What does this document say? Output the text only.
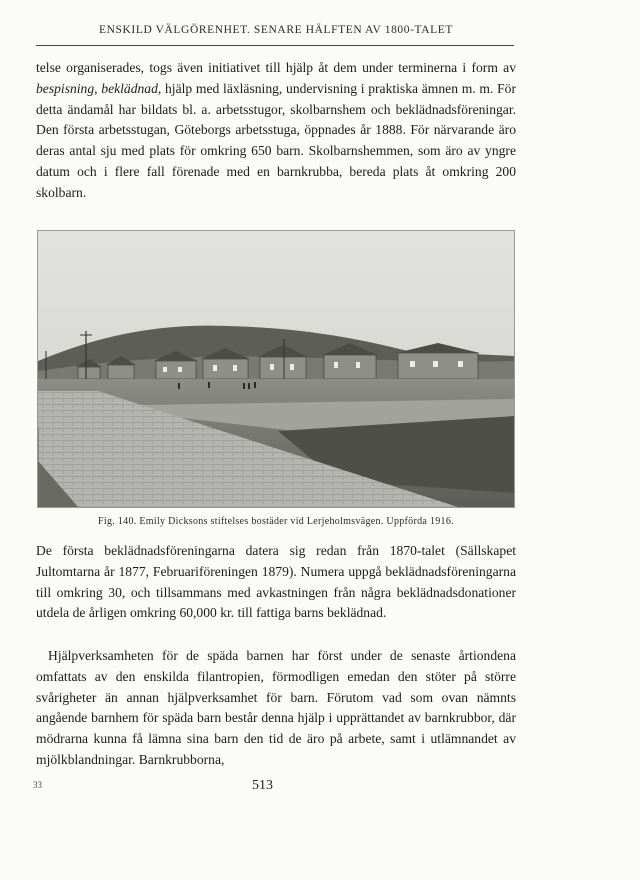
ENSKILD VÄLGÖRENHET. SENARE HÄLFTEN AV 1800-TALET

telse organiserades, togs även initiativet till hjälp åt dem under terminerna i form av bespisning, beklädnad, hjälp med läxläsning, undervisning i praktiska ämnen m. m. För detta ändamål har bildats bl. a. arbetsstugor, skolbarnshem och beklädnadsföreningar. Den första arbetsstugan, Göteborgs arbetsstuga, öppnades år 1888. För närvarande äro deras antal sju med plats för omkring 650 barn. Skolbarnshemmen, som äro av yngre datum och i flere fall förenade med en barnkrubba, bereda plats åt omkring 200 skolbarn.

Fig. 140. Emily Dicksons stiftelses bostäder vid Lerjeholmsvägen. Uppförda 1916.

De första beklädnadsföreningarna datera sig redan från 1870-talet (Sällskapet Jultomtarna år 1877, Februariföreningen 1879). Numera uppgå beklädnadsföreningarna till omkring 30, och tillsammans med avkastningen från några beklädnadsdonationer utdela de årligen omkring 60,000 kr. till fattiga barns beklädnad.

Hjälpverksamheten för de späda barnen har först under de senaste årtiondena omfattats av den enskilda filantropien, förmodligen emedan den stöter på större svårigheter än annan hjälpverksamhet för barn. Förutom vad som ovan nämnts angående barnhem för späda barn består denna hjälp i upprättandet av barnkrubbor, där mödrarna kunna få lämna sina barn den tid de äro på arbete, samt i utlämnandet av mjölkblandningar. Barnkrubborna,

33	513
